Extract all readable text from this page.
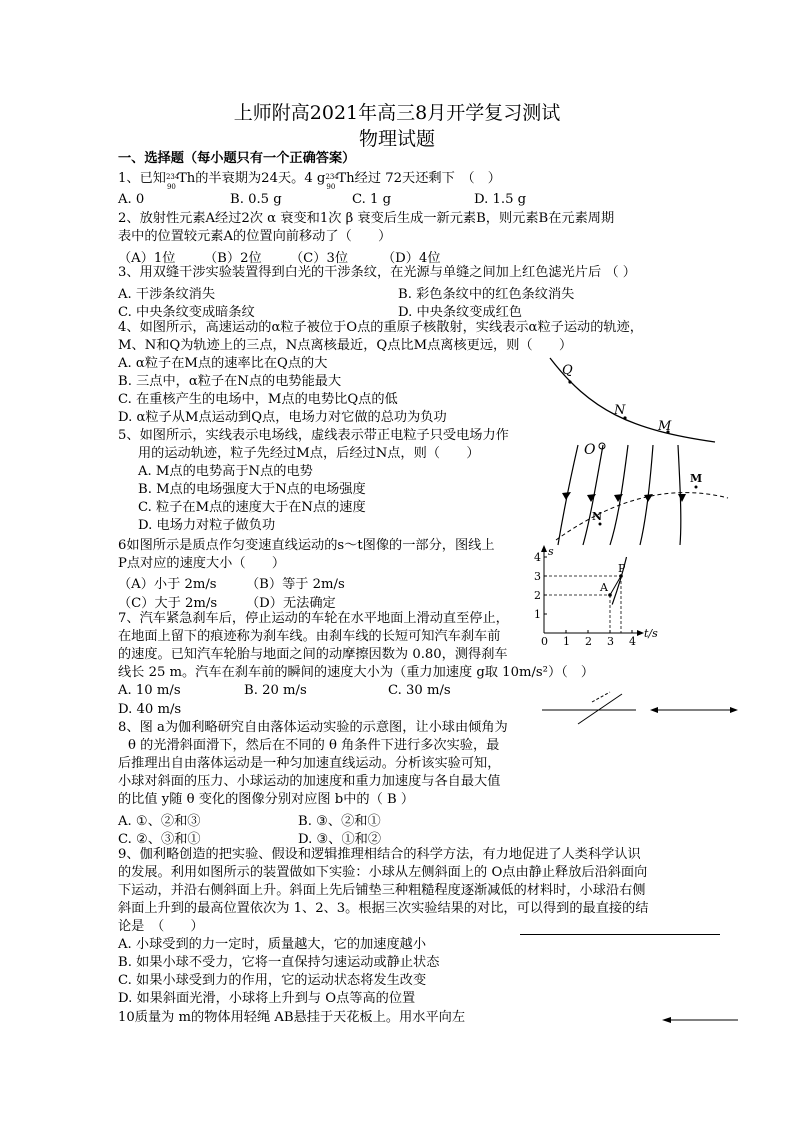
上师附高2021年高三8月开学复习测试
物理试题
一、选择题（每小题只有一个正确答案）
1、已知 234
90
Th的半衰期为24天。4 g 234
90
Th经过 72天还剩下　（　）
A. 0	B. 0.5 g	C. 1 g	D. 1.5 g
2、放射性元素A经过2次 α 衰变和1次 β 衰变后生成一新元素B，则元素B在元素周期
表中的位置较元素A的位置向前移动了（　　）
（A）1位 （B）2位 （C）3位	（D）4位
3、用双缝干涉实验装置得到白光的干涉条纹，在光源与单缝之间加上红色滤光片后 （ ）
A. 干涉条纹消失	B. 彩色条纹中的红色条纹消失
C. 中央条纹变成暗条纹	D. 中央条纹变成红色
4、如图所示，高速运动的α粒子被位于O点的重原子核散射，实线表示α粒子运动的轨迹，
M、N和Q为轨迹上的三点，N点离核最近，Q点比M点离核更远，则（　　）
A. α粒子在M点的速率比在Q点的大
B. 三点中，α粒子在N点的电势能最大
C. 在重核产生的电场中，M点的电势比Q点的低
D. α粒子从M点运动到Q点，电场力对它做的总功为负功
Q
N
M
O
5、如图所示，实线表示电场线，虚线表示带正电粒子只受电场力作
用的运动轨迹，粒子先经过M点，后经过N点，则（　　）
A. M点的电势高于N点的电势
B. M点的电场强度大于N点的电场强度
C. 粒子在M点的速度大于在N点的速度
D. 电场力对粒子做负功
M
N
6如图所示是质点作匀变速直线运动的s～t图像的一部分，图线上
P点对应的速度大小（　　）
（A）小于 2m/s （B）等于 2m/s
（C）大于 2m/s （D）无法确定
0 1 2 3 4
1
2
3
4
t/s
s
A
P
7、汽车紧急刹车后，停止运动的车轮在水平地面上滑动直至停止，
在地面上留下的痕迹称为刹车线。由刹车线的长短可知汽车刹车前
的速度。已知汽车轮胎与地面之间的动摩擦因数为 0.80，测得刹车
线长 25 m。汽车在刹车前的瞬间的速度大小为（重力加速度 g取 10m/s²）（　）
A. 10 m/s	B. 20 m/s	C. 30 m/s
D. 40 m/s
8、图 a为伽利略研究自由落体运动实验的示意图，让小球由倾角为
θ 的光滑斜面滑下，然后在不同的 θ 角条件下进行多次实验，最
后推理出自由落体运动是一种匀加速直线运动。分析该实验可知，
小球对斜面的压力、小球运动的加速度和重力加速度与各自最大值
的比值 y随 θ 变化的图像分别对应图 b中的（ B ）
A. ①、②和③	B. ③、②和①
C. ②、③和①	D. ③、①和②
9、伽利略创造的把实验、假设和逻辑推理相结合的科学方法，有力地促进了人类科学认识
的发展。利用如图所示的装置做如下实验：小球从左侧斜面上的 O点由静止释放后沿斜面向
下运动，并沿右侧斜面上升。斜面上先后铺垫三种粗糙程度逐渐减低的材料时，小球沿右侧
斜面上升到的最高位置依次为 1、2、3。根据三次实验结果的对比，可以得到的最直接的结
论是　（　　）
A. 小球受到的力一定时，质量越大，它的加速度越小
B. 如果小球不受力，它将一直保持匀速运动或静止状态
C. 如果小球受到力的作用，它的运动状态将发生改变
D. 如果斜面光滑，小球将上升到与 O点等高的位置
10质量为 m的物体用轻绳 AB悬挂于天花板上。用水平向左
